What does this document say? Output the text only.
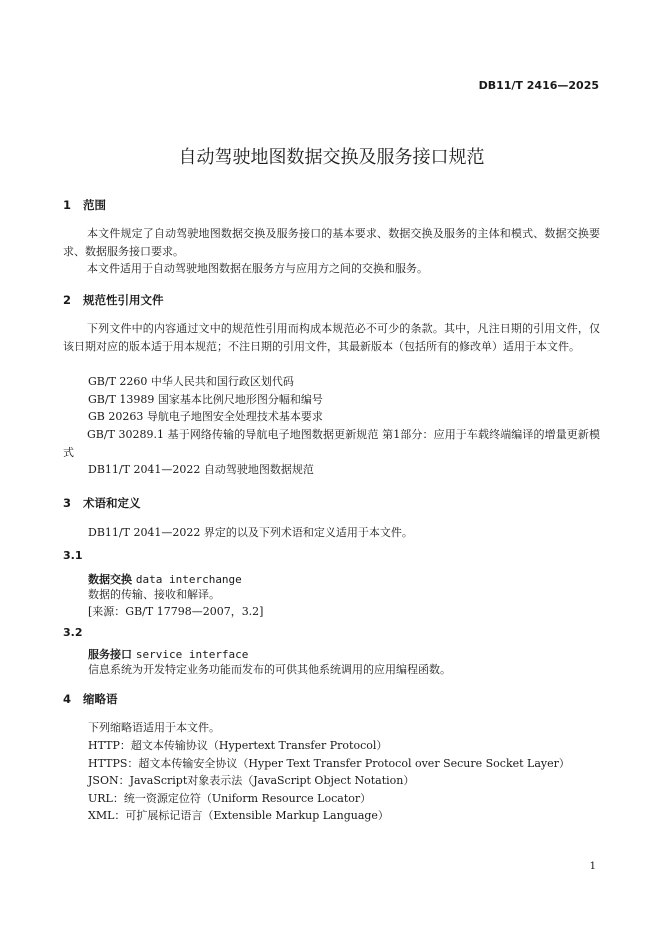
DB11/T 2416—2025
自动驾驶地图数据交换及服务接口规范
1 范围
本文件规定了自动驾驶地图数据交换及服务接口的基本要求、数据交换及服务的主体和模式、数据交换要求、数据服务接口要求。
本文件适用于自动驾驶地图数据在服务方与应用方之间的交换和服务。
2 规范性引用文件
下列文件中的内容通过文中的规范性引用而构成本规范必不可少的条款。其中，凡注日期的引用文件，仅该日期对应的版本适于用本规范；不注日期的引用文件，其最新版本（包括所有的修改单）适用于本文件。
GB/T 2260 中华人民共和国行政区划代码
GB/T 13989 国家基本比例尺地形图分幅和编号
GB 20263 导航电子地图安全处理技术基本要求
GB/T 30289.1 基于网络传输的导航电子地图数据更新规范 第1部分：应用于车载终端编译的增量更新模式
DB11/T 2041—2022 自动驾驶地图数据规范
3 术语和定义
DB11/T 2041—2022 界定的以及下列术语和定义适用于本文件。
3.1
数据交换 data interchange
数据的传输、接收和解译。
[来源：GB/T 17798—2007，3.2]
3.2
服务接口 service interface
信息系统为开发特定业务功能而发布的可供其他系统调用的应用编程函数。
4 缩略语
下列缩略语适用于本文件。
HTTP：超文本传输协议（Hypertext Transfer Protocol）
HTTPS：超文本传输安全协议（Hyper Text Transfer Protocol over Secure Socket Layer）
JSON：JavaScript对象表示法（JavaScript Object Notation）
URL：统一资源定位符（Uniform Resource Locator）
XML：可扩展标记语言（Extensible Markup Language）
1
